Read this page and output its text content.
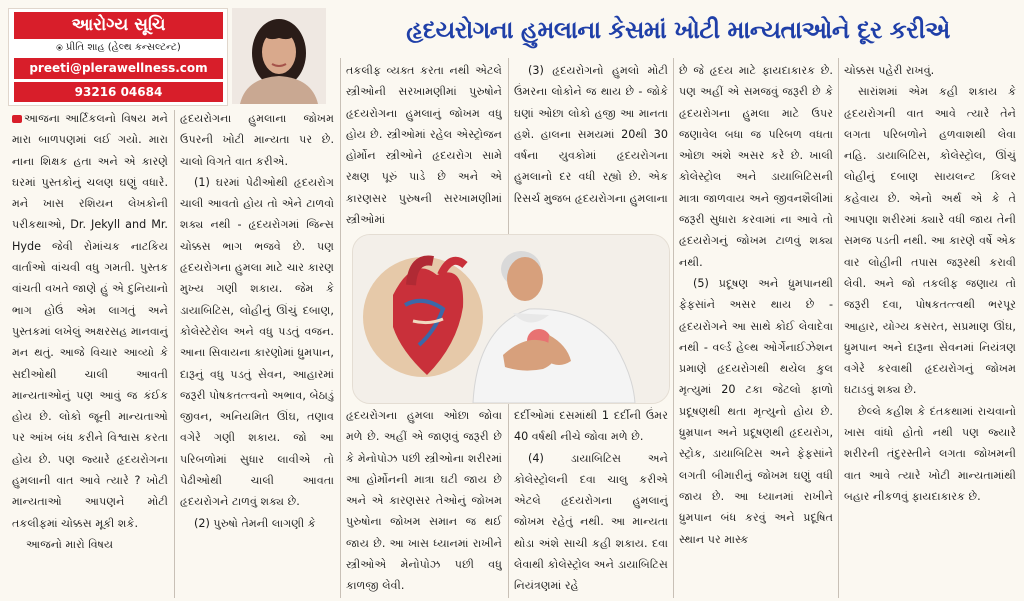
આરોગ્ય સૂચિ
⦿ પ્રીતિ શાહ (હેલ્થ કન્સલ્ટન્ટ)
preeti@plerawellness.com
93216 04684
હૃદયરોગના હુમલાના કેસમાં ખોટી માન્યતાઓને દૂર કરીએ

આજના આર્ટિકલનો વિષય મને મારા બાળપણમાં લઈ ગયો. મારા નાના શિક્ષક હતા અને એ કારણે ઘરમાં પુસ્તકોનું ચલણ ઘણું વધારે. મને ખાસ રશિયન લેખકોની પરીકથાઓ, Dr. Jekyll and Mr. Hyde જેવી રોમાંચક નાટકિય વાર્તાઓ વાંચવી વધુ ગમતી. પુસ્તક વાંચતી વખતે જાણે હું એ દુનિયાનો ભાગ હોઉં એમ લાગતું અને પુસ્તકમાં લખેલું અક્ષરસહ માનવાનું મન થતું. આજે વિચાર આવ્યો કે સદીઓથી ચાલી આવતી માન્યતાઓનું પણ આવું જ કંઈક હોય છે. લોકો જૂની માન્યતાઓ પર આંખ બંધ કરીને વિશ્વાસ કરતા હોય છે. પણ જ્યારે હૃદયરોગના હુમલાની વાત આવે ત્યારે ? ખોટી માન્યતાઓ આપણને મોટી તકલીફમાં ચોક્કસ મૂકી શકે.

આજનો મારો વિષય

હૃદયરોગના હુમલાના જોખમ ઉપરની ખોટી માન્યતા પર છે. ચાલો વિગતે વાત કરીએ.

(1) ઘરમાં પેઢીઓથી હૃદયરોગ ચાલી આવતો હોય તો એને ટાળવો શક્ય નથી - હૃદયરોગમાં જિન્સ ચોક્કસ ભાગ ભજવે છે. પણ હૃદયરોગના હુમલા માટે ચાર કારણ મુખ્ય ગણી શકાય. જેમ કે ડાયાબિટિસ, લોહીનું ઊંચું દબાણ, કોલેસ્ટેરોલ અને વધુ પડતું વજન. આના સિવાયના કારણોમાં ધ્રુમપાન, દારૂનું વધુ પડતું સેવન, આહારમાં જરૂરી પોષકતત્ત્વનો અભાવ, બેઠાડું જીવન, અનિયમિત ઊંઘ, તણાવ વગેરે ગણી શકાય. જો આ પરિબળોમાં સુધાર લાવીએ તો પેઢીઓથી ચાલી આવતા હૃદયરોગને ટાળવું શક્ય છે.

(2) પુરુષો તેમની લાગણી કે

તકલીફ વ્યક્ત કરતા નથી એટલે સ્ત્રીઓની સરખામણીમાં પુરુષોને હૃદયરોગના હુમલાનું જોખમ વધુ હોય છે. સ્ત્રીઓમાં રહેલ એસ્ટ્રોજન હોર્મોન સ્ત્રીઓને હૃદયરોગ સામે રક્ષણ પૂરું પાડે છે અને એ કારણસર પુરુષની સરખામણીમાં સ્ત્રીઓમાં

(3) હૃદયરોગનો હુમલો મોટી ઉંમરના લોકોને જ થાય છે - જોકે ઘણાં ઓછા લોકો હજી આ માનતા હશે. હાલના સમયમાં 20થી 30 વર્ષના યુવકોમાં હૃદયરોગના હુમલાનો દર વધી રહ્યો છે. એક રિસર્ચ મુજબ હૃદયરોગના હુમલાના

હૃદયરોગના હુમલા ઓછા જોવા મળે છે. અહીં એ જાણવું જરૂરી છે કે મેનોપોઝ પછી સ્ત્રીઓના શરીરમાં આ હોર્મોનની માત્રા ઘટી જાય છે અને એ કારણસર તેઓનું જોખમ પુરુષોના જોખમ સમાન જ થઈ જાય છે. આ ખાસ ધ્યાનમાં રાખીને સ્ત્રીઓએ મેનોપોઝ પછી વધુ કાળજી લેવી.

દર્દીઓમાં દસમાંથી 1 દર્દીની ઉંમર 40 વર્ષથી નીચે જોવા મળે છે.

(4) ડાયાબિટિસ અને કોલેસ્ટ્રોલની દવા ચાલુ કરીએ એટલે હૃદયરોગના હુમલાનું જોખમ રહેતું નથી. આ માન્યતા થોડા અંશે સાચી કહી શકાય. દવા લેવાથી કોલેસ્ટ્રોલ અને ડાયાબિટિસ નિયંત્રણમાં રહે

છે જે હૃદય માટે ફાયદાકારક છે. પણ અહીં એ સમજવું જરૂરી છે કે હૃદયરોગના હુમલા માટે ઉપર જણાવેલ બધા જ પરિબળ વધતા ઓછા અંશે અસર કરે છે. ખાલી કોલેસ્ટ્રોલ અને ડાયાબિટિસની માત્રા જાળવાય અને જીવનશૈલીમાં જરૂરી સુધારા કરવામાં ના આવે તો હૃદયરોગનું જોખમ ટાળવું શક્ય નથી.

(5) પ્રદૂષણ અને ધ્રુમપાનથી ફેફસાંને અસર થાય છે - હૃદયરોગને આ સાથે કોઈ લેવાદેવા નથી - વર્લ્ડ હેલ્થ ઓર્ગેનાઈઝેશન પ્રમાણે હૃદયરોગથી થયેલ કુલ મૃત્યુમાં 20 ટકા જેટલો ફાળો પ્રદૂષણથી થતા મૃત્યુનો હોય છે. ધ્રુમ્રપાન અને પ્રદૂષણથી હૃદયરોગ, સ્ટ્રોક, ડાયાબિટિસ અને ફેફસાંને લગતી બીમારીનું જોખમ ઘણું વધી જાય છે. આ ધ્યાનમાં રાખીને ધ્રુમપાન બંધ કરવું અને પ્રદૂષિત સ્થાન પર માસ્ક

ચોક્કસ પહેરી રાખવું.

સારાંશમાં એમ કહી શકાય કે હૃદયરોગની વાત આવે ત્યારે તેને લગતા પરિબળોને હળવાશથી લેવા નહિ. ડાયાબિટિસ, કોલેસ્ટ્રોલ, ઊંચું લોહીનું દબાણ સાયલન્ટ કિલર કહેવાય છે. એનો અર્થ એ કે તે આપણા શરીરમાં ક્યારે વધી જાય તેની સમજ પડતી નથી. આ કારણે વર્ષે એક વાર લોહીની તપાસ જરૂરથી કરાવી લેવી. અને જો તકલીફ જણાય તો જરૂરી દવા, પોષકતત્ત્વથી ભરપૂર આહાર, યોગ્ય કસરત, સપ્રમાણ ઊંઘ, ધ્રુમપાન અને દારૂના સેવનમાં નિયંત્રણ વગેરે કરવાથી હૃદયરોગનું જોખમ ઘટાડવું શક્ય છે.

છેલ્લે કહીશ કે દંતકથામાં રાચવાનો ખાસ વાંધો હોતો નથી પણ જ્યારે શરીરની તંદુરસ્તીને લગતા જોખમની વાત આવે ત્યારે ખોટી માન્યતામાંથી બહાર નીકળવું ફાયદાકારક છે.
